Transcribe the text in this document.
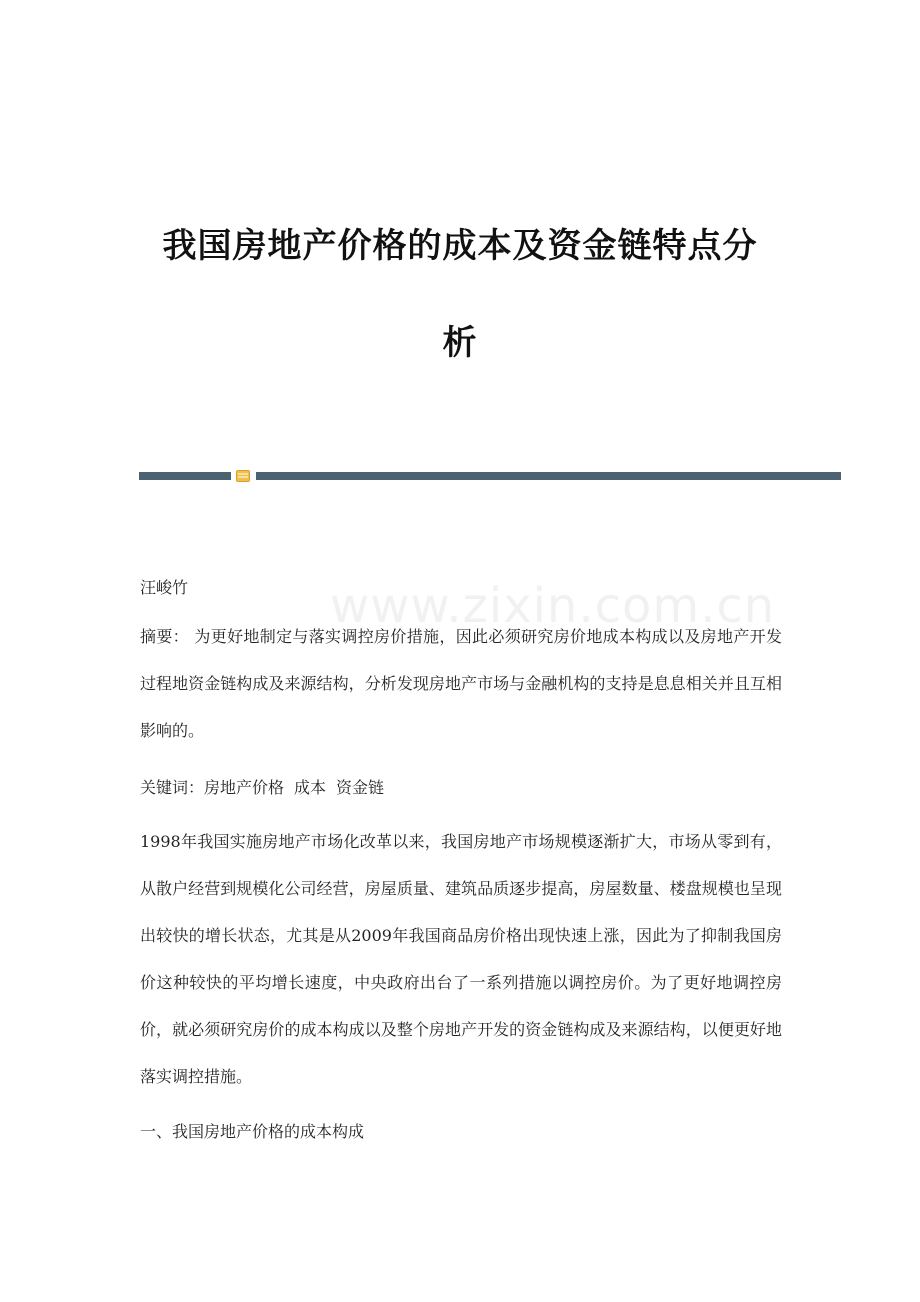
我国房地产价格的成本及资金链特点分
析
www.zixin.com.cn

汪峻竹

摘要： 为更好地制定与落实调控房价措施，因此必须研究房价地成本构成以及房地产开发过程地资金链构成及来源结构，分析发现房地产市场与金融机构的支持是息息相关并且互相影响的。

关键词：房地产价格 成本 资金链

1998年我国实施房地产市场化改革以来，我国房地产市场规模逐渐扩大，市场从零到有，从散户经营到规模化公司经营，房屋质量、建筑品质逐步提高，房屋数量、楼盘规模也呈现出较快的增长状态，尤其是从2009年我国商品房价格出现快速上涨，因此为了抑制我国房价这种较快的平均增长速度，中央政府出台了一系列措施以调控房价。为了更好地调控房价，就必须研究房价的成本构成以及整个房地产开发的资金链构成及来源结构，以便更好地落实调控措施。

一、我国房地产价格的成本构成
